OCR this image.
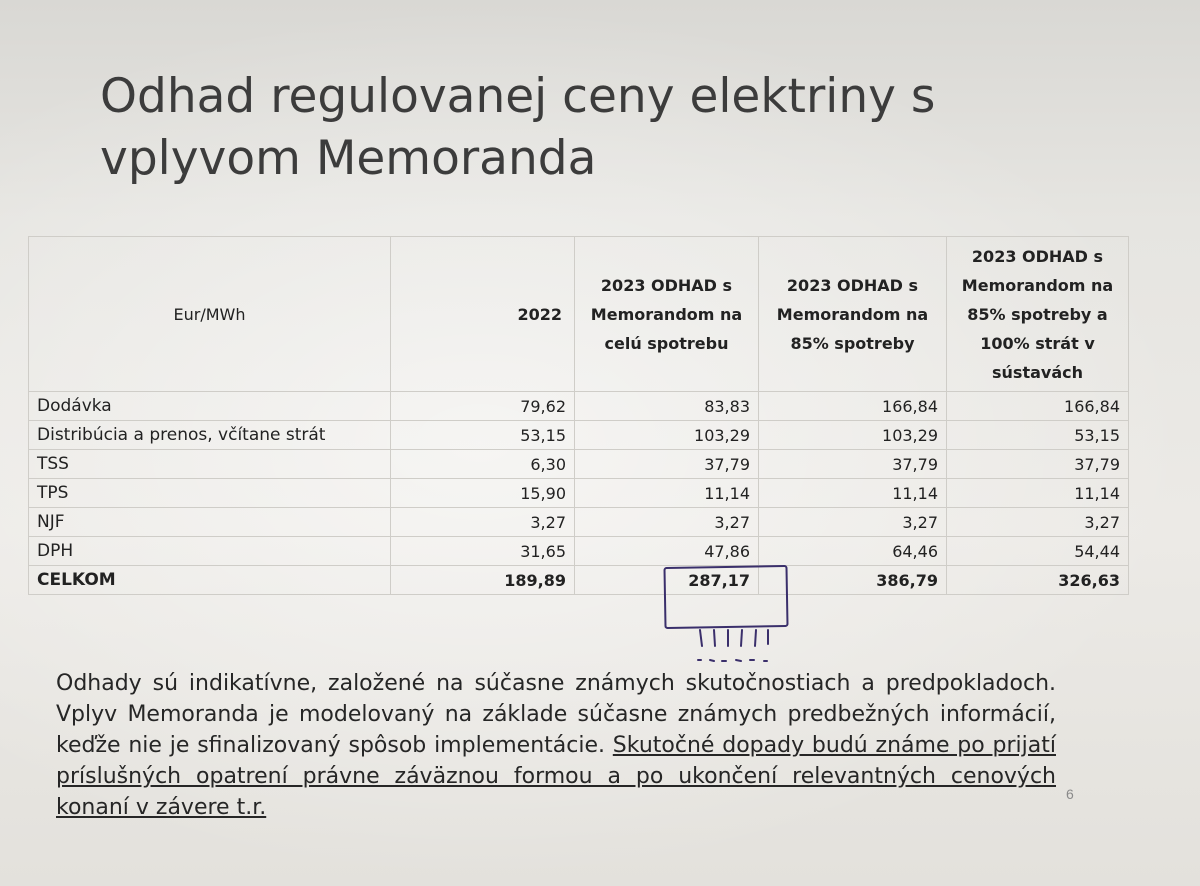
Odhad regulovanej ceny elektriny s vplyvom Memoranda
Eur/MWh	2022	2023 ODHAD s Memorandom na celú spotrebu	2023 ODHAD s Memorandom na 85% spotreby	2023 ODHAD s Memorandom na 85% spotreby a 100% strát v sústavách
Dodávka	79,62	83,83	166,84	166,84
Distribúcia a prenos, včítane strát	53,15	103,29	103,29	53,15
TSS	6,30	37,79	37,79	37,79
TPS	15,90	11,14	11,14	11,14
NJF	3,27	3,27	3,27	3,27
DPH	31,65	47,86	64,46	54,44
CELKOM	189,89	287,17	386,79	326,63

Odhady sú indikatívne, založené na súčasne známych skutočnostiach a predpokladoch. Vplyv Memoranda je modelovaný na základe súčasne známych predbežných informácií, keďže nie je sfinalizovaný spôsob implementácie. Skutočné dopady budú známe po prijatí príslušných opatrení právne záväznou formou a po ukončení relevantných cenových konaní v závere t.r.

6
